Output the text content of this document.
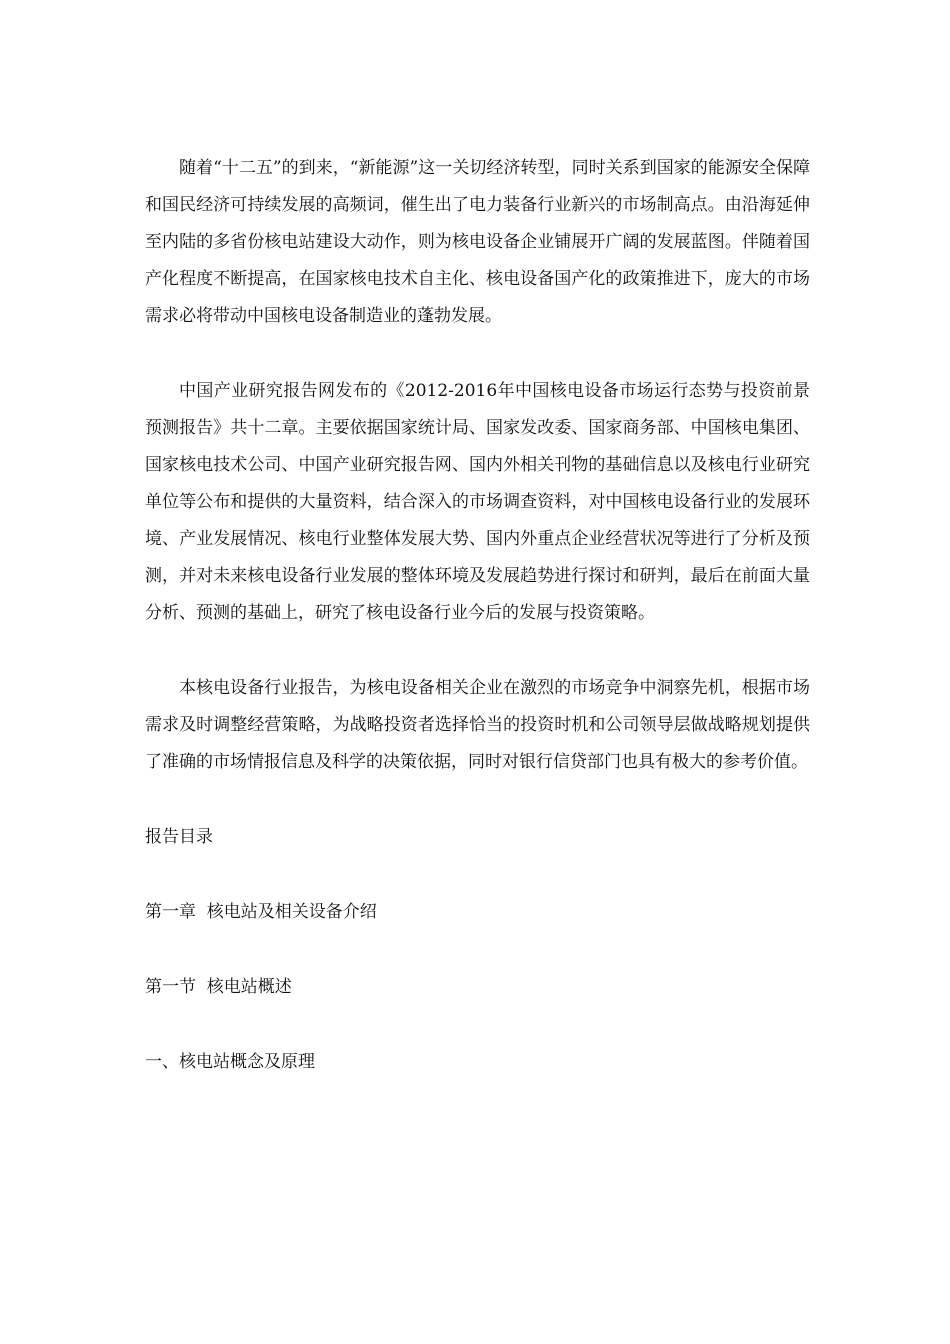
随着“十二五”的到来，“新能源”这一关切经济转型，同时关系到国家的能源安全保障和国民经济可持续发展的高频词，催生出了电力装备行业新兴的市场制高点。由沿海延伸至内陆的多省份核电站建设大动作，则为核电设备企业铺展开广阔的发展蓝图。伴随着国产化程度不断提高，在国家核电技术自主化、核电设备国产化的政策推进下，庞大的市场需求必将带动中国核电设备制造业的蓬勃发展。

中国产业研究报告网发布的《2012-2016年中国核电设备市场运行态势与投资前景预测报告》共十二章。主要依据国家统计局、国家发改委、国家商务部、中国核电集团、国家核电技术公司、中国产业研究报告网、国内外相关刊物的基础信息以及核电行业研究单位等公布和提供的大量资料，结合深入的市场调查资料，对中国核电设备行业的发展环境、产业发展情况、核电行业整体发展大势、国内外重点企业经营状况等进行了分析及预测，并对未来核电设备行业发展的整体环境及发展趋势进行探讨和研判，最后在前面大量分析、预测的基础上，研究了核电设备行业今后的发展与投资策略。

本核电设备行业报告，为核电设备相关企业在激烈的市场竞争中洞察先机，根据市场需求及时调整经营策略，为战略投资者选择恰当的投资时机和公司领导层做战略规划提供了准确的市场情报信息及科学的决策依据，同时对银行信贷部门也具有极大的参考价值。

报告目录

第一章  核电站及相关设备介绍

第一节  核电站概述

一、核电站概念及原理
